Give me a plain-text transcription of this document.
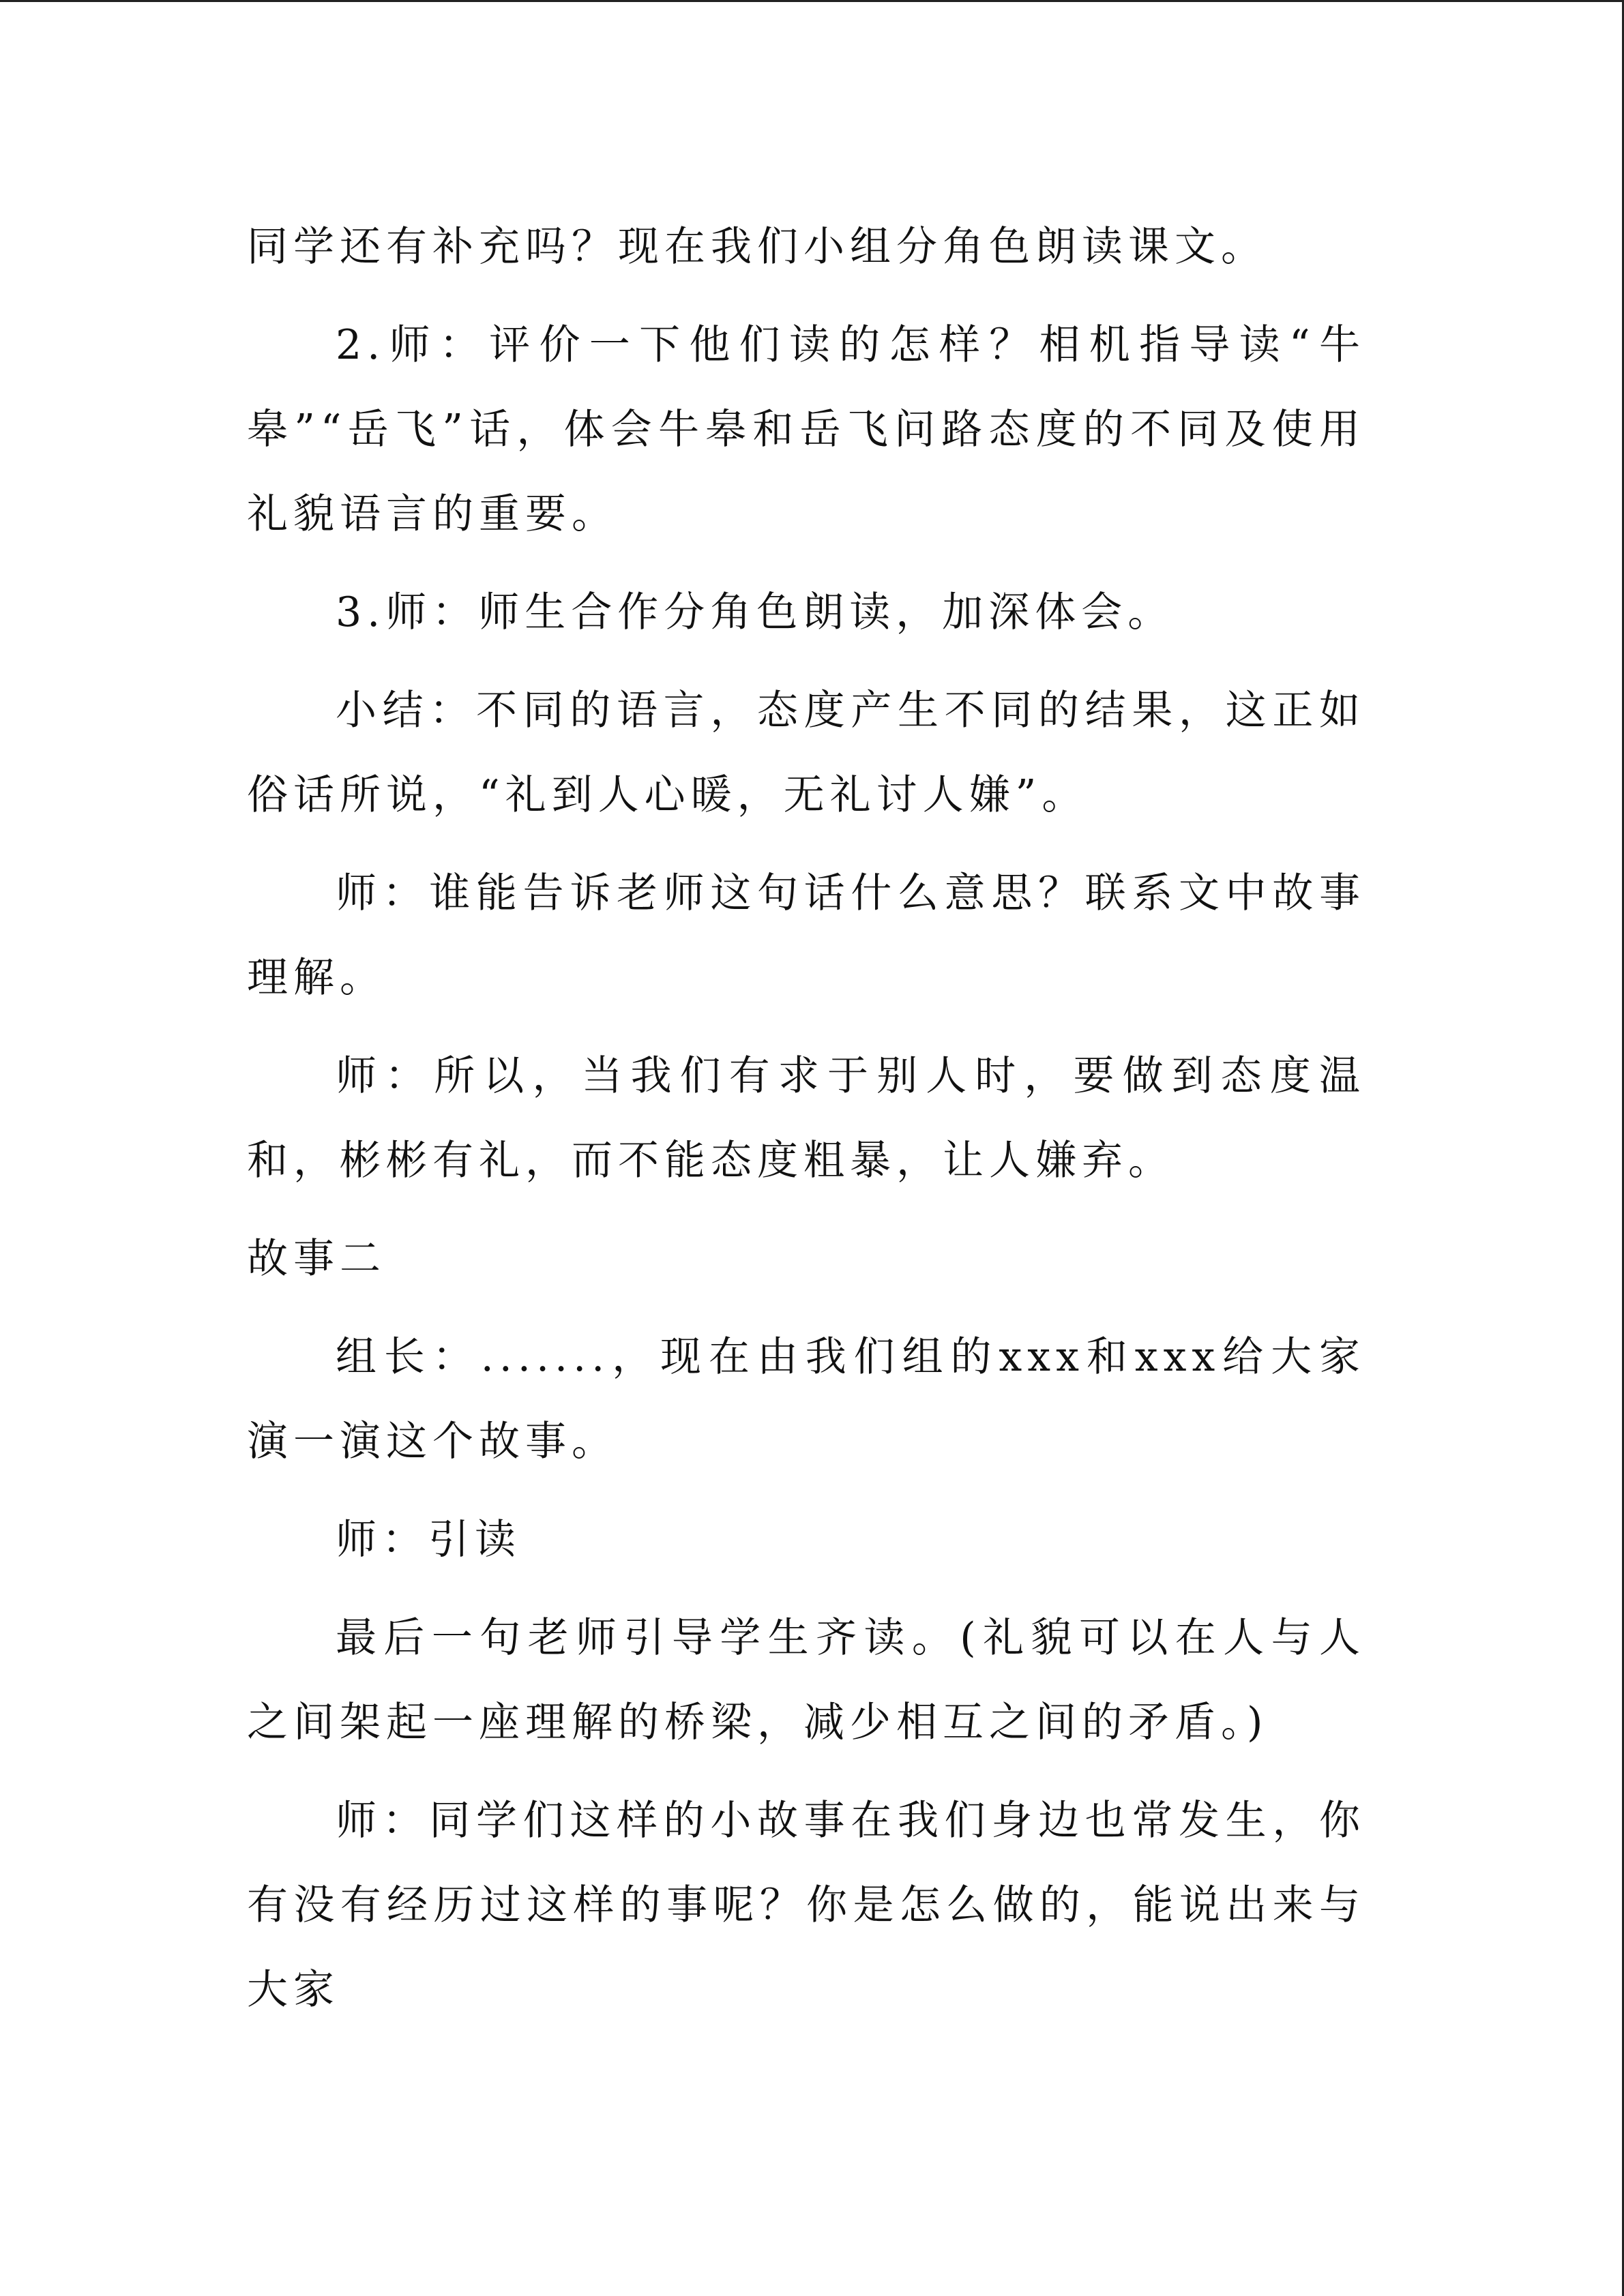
同学还有补充吗？现在我们小组分角色朗读课文。

2.师：评价一下他们读的怎样？相机指导读“牛皋”“岳飞”话，体会牛皋和岳飞问路态度的不同及使用礼貌语言的重要。

3.师：师生合作分角色朗读，加深体会。

小结：不同的语言，态度产生不同的结果，这正如俗话所说，“礼到人心暖，无礼讨人嫌”。

师：谁能告诉老师这句话什么意思？联系文中故事理解。

师：所以，当我们有求于别人时，要做到态度温和，彬彬有礼，而不能态度粗暴，让人嫌弃。

故事二

组长：.......，现在由我们组的xxx和xxx给大家演一演这个故事。

师：引读

最后一句老师引导学生齐读。(礼貌可以在人与人之间架起一座理解的桥梁，减少相互之间的矛盾。)

师：同学们这样的小故事在我们身边也常发生，你有没有经历过这样的事呢？你是怎么做的，能说出来与大家
